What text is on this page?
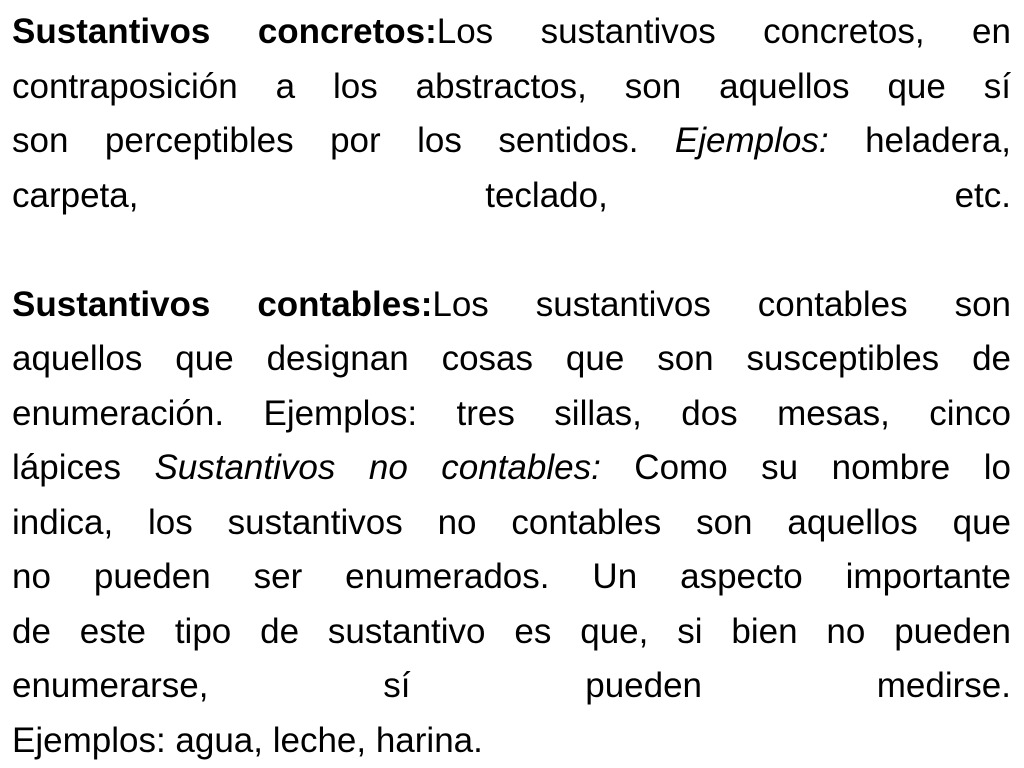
Sustantivos concretos:Los sustantivos concretos, en
contraposición a los abstractos, son aquellos que sí
son perceptibles por los sentidos. Ejemplos: heladera,
carpeta, teclado, etc.
Sustantivos contables:Los sustantivos contables son
aquellos que designan cosas que son susceptibles de
enumeración. Ejemplos: tres sillas, dos mesas, cinco
lápices Sustantivos no contables: Como su nombre lo
indica, los sustantivos no contables son aquellos que
no pueden ser enumerados. Un aspecto importante
de este tipo de sustantivo es que, si bien no pueden
enumerarse, sí pueden medirse.
Ejemplos: agua, leche, harina.
